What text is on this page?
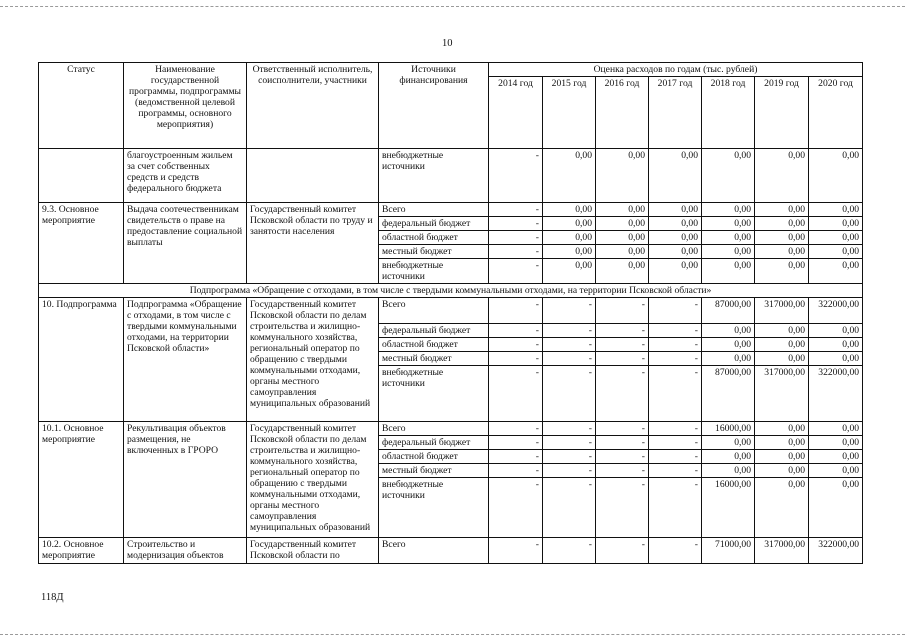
10
Статус	Наименование государственной программы, подпрограммы (ведомственной целевой программы, основного мероприятия)	Ответственный исполнитель, соисполнители, участники	Источники финансирования	Оценка расходов по годам (тыс. рублей)						
				2014 год	2015 год	2016 год	2017 год	2018 год	2019 год	2020 год
	благоустроенным жильем за счет собственных средств и средств федерального бюджета		внебюджетные источники	-	0,00	0,00	0,00	0,00	0,00	0,00
9.3. Основное мероприятие	Выдача соотечественникам свидетельств о праве на предоставление социальной выплаты	Государственный комитет Псковской области по труду и занятости населения	Всего	-	0,00	0,00	0,00	0,00	0,00	0,00
			федеральный бюджет	-	0,00	0,00	0,00	0,00	0,00	0,00
			областной бюджет	-	0,00	0,00	0,00	0,00	0,00	0,00
			местный бюджет	-	0,00	0,00	0,00	0,00	0,00	0,00
			внебюджетные источники	-	0,00	0,00	0,00	0,00	0,00	0,00
Подпрограмма «Обращение с отходами, в том числе с твердыми коммунальными отходами, на территории Псковской области»										
10. Подпрограмма	Подпрограмма «Обращение с отходами, в том числе с твердыми коммунальными отходами, на территории Псковской области»	Государственный комитет Псковской области по делам строительства и жилищно-коммунального хозяйства, региональный оператор по обращению с твердыми коммунальными отходами, органы местного самоуправления муниципальных образований	Всего	-	-	-	-	87000,00	317000,00	322000,00
			федеральный бюджет	-	-	-	-	0,00	0,00	0,00
			областной бюджет	-	-	-	-	0,00	0,00	0,00
			местный бюджет	-	-	-	-	0,00	0,00	0,00
			внебюджетные источники	-	-	-	-	87000,00	317000,00	322000,00
10.1. Основное мероприятие	Рекультивация объектов размещения, не включенных в ГРОРО	Государственный комитет Псковской области по делам строительства и жилищно-коммунального хозяйства, региональный оператор по обращению с твердыми коммунальными отходами, органы местного самоуправления муниципальных образований	Всего	-	-	-	-	16000,00	0,00	0,00
			федеральный бюджет	-	-	-	-	0,00	0,00	0,00
			областной бюджет	-	-	-	-	0,00	0,00	0,00
			местный бюджет	-	-	-	-	0,00	0,00	0,00
			внебюджетные источники	-	-	-	-	16000,00	0,00	0,00
10.2. Основное мероприятие	Строительство и модернизация объектов	Государственный комитет Псковской области по	Всего	-	-	-	-	71000,00	317000,00	322000,00
118Д
